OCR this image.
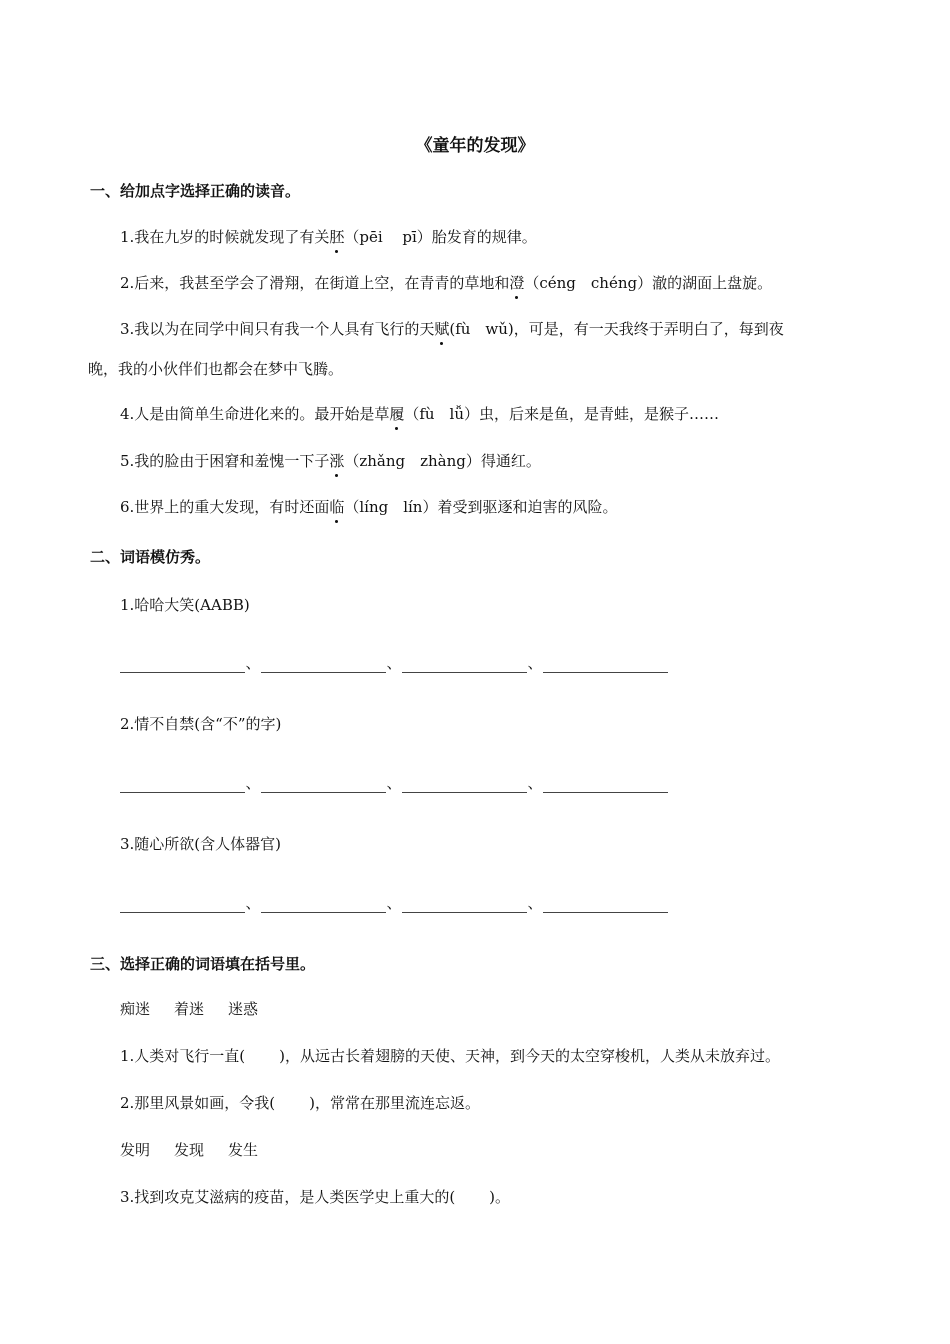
《童年的发现》
一、给加点字选择正确的读音。
1.我在九岁的时候就发现了有关胚（pēi　 pī）胎发育的规律。
2.后来，我甚至学会了滑翔，在街道上空，在青青的草地和澄（céng　chéng）澈的湖面上盘旋。
3.我以为在同学中间只有我一个人具有飞行的天赋(fù　wǔ)，可是，有一天我终于弄明白了，每到夜
晚，我的小伙伴们也都会在梦中飞腾。
4.人是由简单生命进化来的。最开始是草履（fù　lǚ）虫，后来是鱼，是青蛙，是猴子……
5.我的脸由于困窘和羞愧一下子涨（zhǎng　zhàng）得通红。
6.世界上的重大发现，有时还面临（líng　lín）着受到驱逐和迫害的风险。
二、词语模仿秀。
1.哈哈大笑(AABB)
、	、	、
2.情不自禁(含“不”的字)
、	、	、
3.随心所欲(含人体器官)
、	、	、
三、选择正确的词语填在括号里。
痴迷 着迷 迷惑
1.人类对飞行一直( )，从远古长着翅膀的天使、天神，到今天的太空穿梭机，人类从未放弃过。
2.那里风景如画，令我( )，常常在那里流连忘返。
发明 发现 发生
3.找到攻克艾滋病的疫苗，是人类医学史上重大的( )。
